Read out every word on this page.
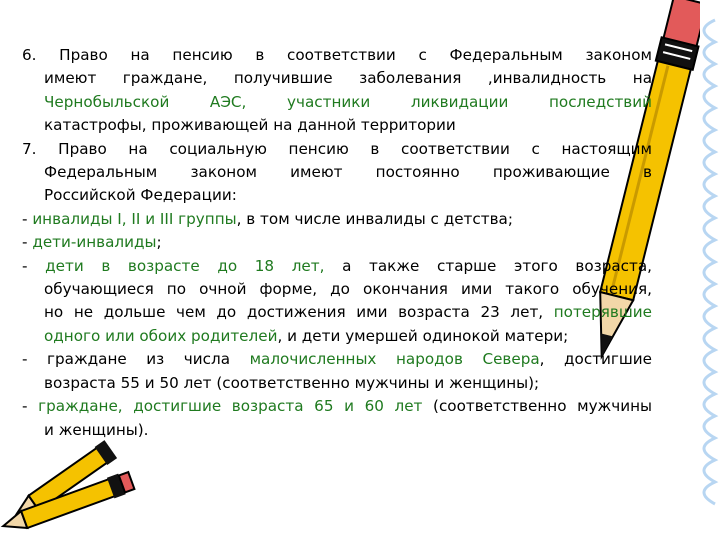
6. Право на пенсию в соответствии с Федеральным законом

имеют граждане, получившие заболевания ,инвалидность на

Чернобыльской АЭС, участники ликвидации последствий

катастрофы, проживающей на данной территории

7. Право на социальную пенсию в соответствии с настоящим

Федеральным законом имеют постоянно проживающие в

Российской Федерации:

- инвалиды I, II и III группы, в том числе инвалиды с детства;

- дети-инвалиды;

- дети в возрасте до 18 лет, а также старше этого возраста,

обучающиеся по очной форме, до окончания ими такого обучения,

но не дольше чем до достижения ими возраста 23 лет, потерявшие

одного или обоих родителей, и дети умершей одинокой матери;

- граждане из числа малочисленных народов Севера, достигшие

возраста 55 и 50 лет (соответственно мужчины и женщины);

- граждане, достигшие возраста 65 и 60 лет (соответственно мужчины

и женщины).
